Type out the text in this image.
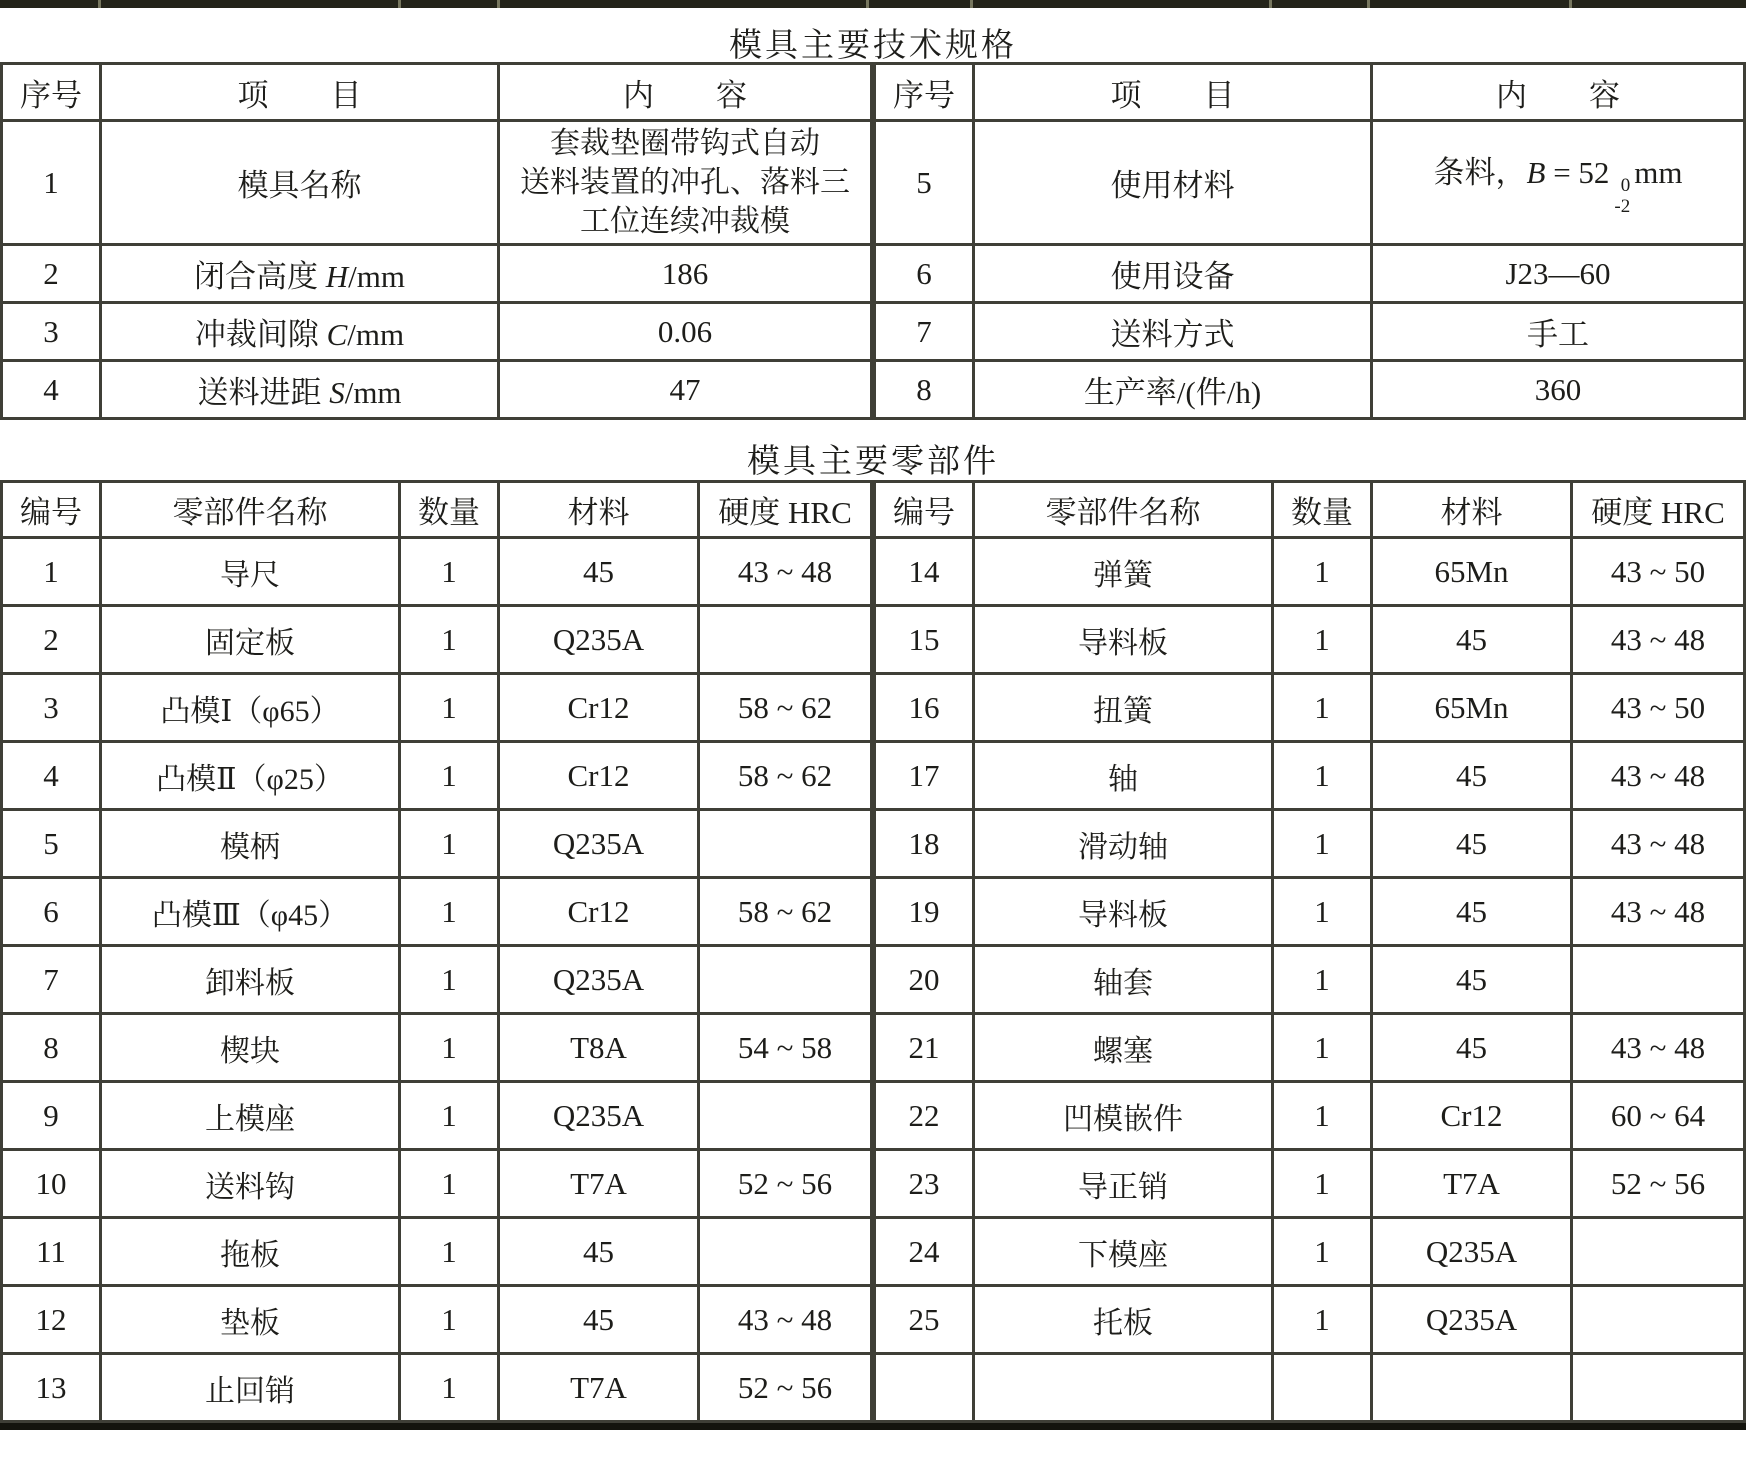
模具主要技术规格
序号	项　　目	内　　容
1	模具名称	套裁垫圈带钩式自动
送料装置的冲孔、落料三
工位连续冲裁模

2	闭合高度 H/mm	186
3	冲裁间隙 C/mm	0.06
4	送料进距 S/mm	47
序号	项　　目	内　　容
5	使用材料	条料，B = 52 0
-2
mm
6	使用设备	J23—60
7	送料方式	手工
8	生产率/(件/h)	360
模具主要零部件
编号	零部件名称	数量	材料	硬度 HRC
1	导尺	1	45	43 ~ 48
2	固定板	1	Q235A	
3	凸模Ⅰ（φ65）	1	Cr12	58 ~ 62
4	凸模Ⅱ（φ25）	1	Cr12	58 ~ 62
5	模柄	1	Q235A	
6	凸模Ⅲ（φ45）	1	Cr12	58 ~ 62
7	卸料板	1	Q235A	
8	楔块	1	T8A	54 ~ 58
9	上模座	1	Q235A	
10	送料钩	1	T7A	52 ~ 56
11	拖板	1	45	
12	垫板	1	45	43 ~ 48
13	止回销	1	T7A	52 ~ 56
编号	零部件名称	数量	材料	硬度 HRC
14	弹簧	1	65Mn	43 ~ 50
15	导料板	1	45	43 ~ 48
16	扭簧	1	65Mn	43 ~ 50
17	轴	1	45	43 ~ 48
18	滑动轴	1	45	43 ~ 48
19	导料板	1	45	43 ~ 48
20	轴套	1	45	
21	螺塞	1	45	43 ~ 48
22	凹模嵌件	1	Cr12	60 ~ 64
23	导正销	1	T7A	52 ~ 56
24	下模座	1	Q235A	
25	托板	1	Q235A	
